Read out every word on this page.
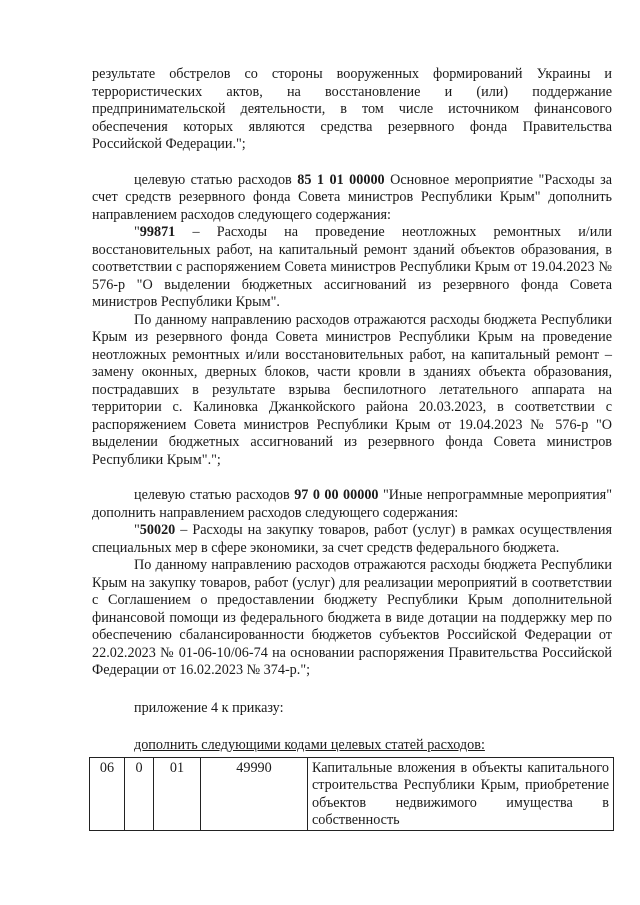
результате обстрелов со стороны вооруженных формирований Украины и террористических актов, на восстановление и (или) поддержание предпринимательской деятельности, в том числе источником финансового обеспечения которых являются средства резервного фонда Правительства Российской Федерации.";

целевую статью расходов 85 1 01 00000 Основное мероприятие "Расходы за счет средств резервного фонда Совета министров Республики Крым" дополнить направлением расходов следующего содержания:

"99871 – Расходы на проведение неотложных ремонтных и/или восстановительных работ, на капитальный ремонт зданий объектов образования, в соответствии с распоряжением Совета министров Республики Крым от 19.04.2023 № 576-р "О выделении бюджетных ассигнований из резервного фонда Совета министров Республики Крым".

По данному направлению расходов отражаются расходы бюджета Республики Крым из резервного фонда Совета министров Республики Крым на проведение неотложных ремонтных и/или восстановительных работ, на капитальный ремонт – замену оконных, дверных блоков, части кровли в зданиях объекта образования, пострадавших в результате взрыва беспилотного летательного аппарата на территории с. Калиновка Джанкойского района 20.03.2023, в соответствии с распоряжением Совета министров Республики Крым от 19.04.2023 № 576-р "О выделении бюджетных ассигнований из резервного фонда Совета министров Республики Крым".";

целевую статью расходов 97 0 00 00000 "Иные непрограммные мероприятия" дополнить направлением расходов следующего содержания:

"50020 – Расходы на закупку товаров, работ (услуг) в рамках осуществления специальных мер в сфере экономики, за счет средств федерального бюджета.

По данному направлению расходов отражаются расходы бюджета Республики Крым на закупку товаров, работ (услуг) для реализации мероприятий в соответствии с Соглашением о предоставлении бюджету Республики Крым дополнительной финансовой помощи из федерального бюджета в виде дотации на поддержку мер по обеспечению сбалансированности бюджетов субъектов Российской Федерации от 22.02.2023 № 01-06-10/06-74 на основании распоряжения Правительства Российской Федерации от 16.02.2023 № 374-р.";

приложение 4 к приказу:

дополнить следующими кодами целевых статей расходов:

06	0	01	49990	Капитальные вложения в объекты капитального строительства Республики Крым, приобретение объектов недвижимого имущества в собственность
